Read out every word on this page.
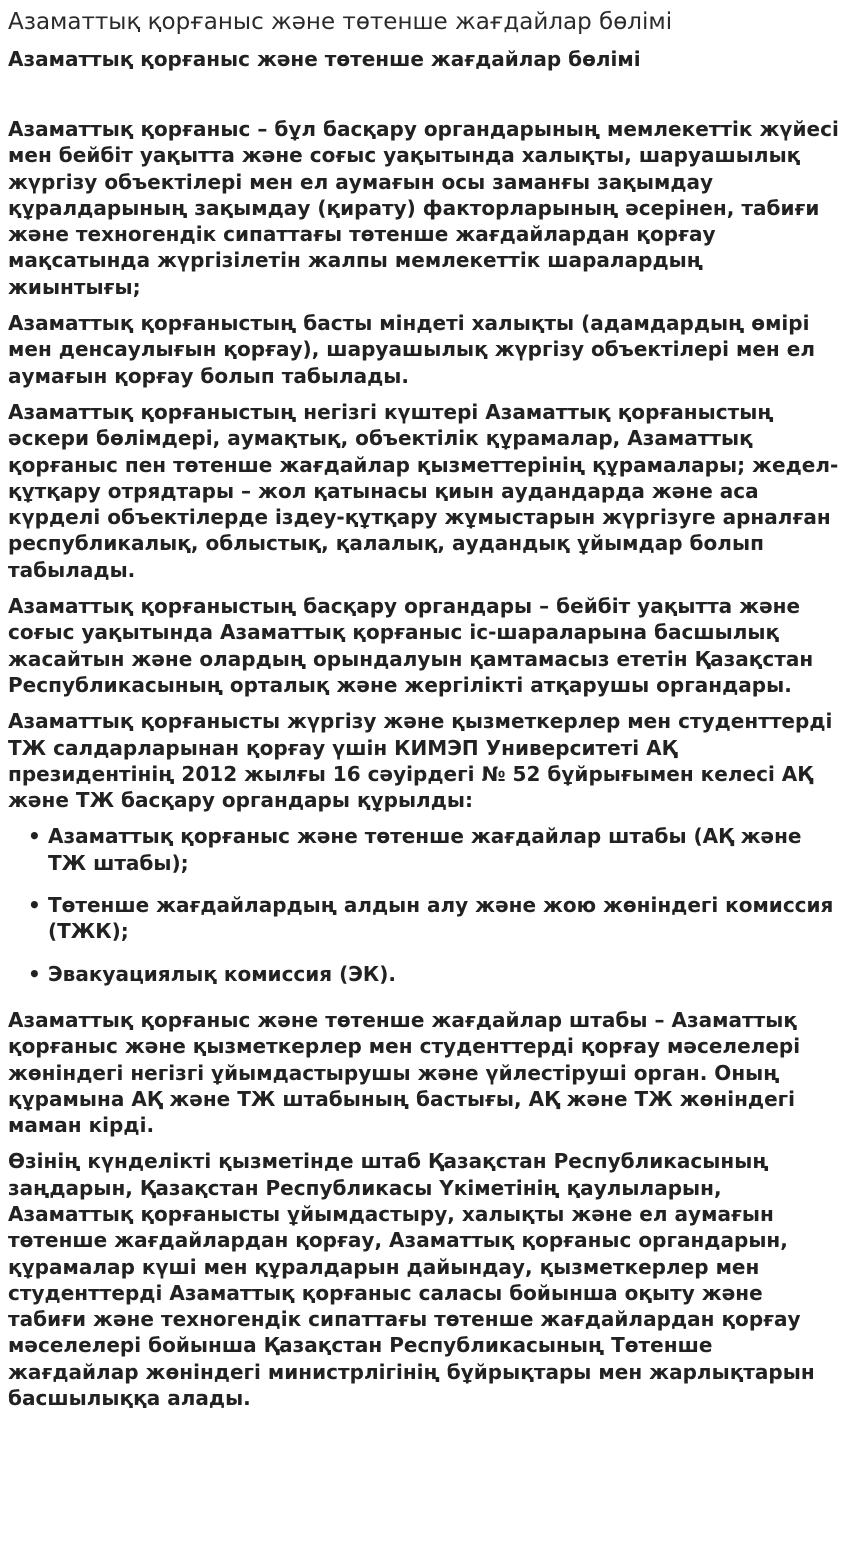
Азаматтық қорғаныс және төтенше жағдайлар бөлімі
Азаматтық қорғаныс және төтенше жағдайлар бөлімі

Азаматтық қорғаныс – бұл басқару органдарының мемлекеттік жүйесі мен бейбіт уақытта және соғыс уақытында халықты, шаруашылық жүргізу объектілері мен ел аумағын осы заманғы зақымдау құралдарының зақымдау (қирату) факторларының әсерінен, табиғи және техногендік сипаттағы төтенше жағдайлардан қорғау мақсатында жүргізілетін жалпы мемлекеттік шаралардың жиынтығы;

Азаматтық қорғаныстың басты міндеті халықты (адамдардың өмірі мен денсаулығын қорғау), шаруашылық жүргізу объектілері мен ел аумағын қорғау болып табылады.

Азаматтық қорғаныстың негізгі күштері Азаматтық қорғаныстың әскери бөлімдері, аумақтық, объектілік құрамалар, Азаматтық қорғаныс пен төтенше жағдайлар қызметтерінің құрамалары; жедел-құтқару отрядтары – жол қатынасы қиын аудандарда және аса күрделі объектілерде іздеу-құтқару жұмыстарын жүргізуге арналған республикалық, облыстық, қалалық, аудандық ұйымдар болып табылады.

Азаматтық қорғаныстың басқару органдары – бейбіт уақытта және соғыс уақытында Азаматтық қорғаныс іс-шараларына басшылық жасайтын және олардың орындалуын қамтамасыз ететін Қазақстан Республикасының орталық және жергілікті атқарушы органдары.

Азаматтық қорғанысты жүргізу және қызметкерлер мен студенттерді ТЖ салдарларынан қорғау үшін КИМЭП Университеті АҚ президентінің 2012 жылғы 16 сәуірдегі № 52 бұйрығымен келесі АҚ және ТЖ басқару органдары құрылды:

• Азаматтық қорғаныс және төтенше жағдайлар штабы (АҚ және ТЖ штабы);
• Төтенше жағдайлардың алдын алу және жою жөніндегі комиссия (ТЖК);
• Эвакуациялық комиссия (ЭК).

Азаматтық қорғаныс және төтенше жағдайлар штабы – Азаматтық қорғаныс және қызметкерлер мен студенттерді қорғау мәселелері жөніндегі негізгі ұйымдастырушы және үйлестіруші орган. Оның құрамына АҚ және ТЖ штабының бастығы, АҚ және ТЖ жөніндегі маман кірді.

Өзінің күнделікті қызметінде штаб Қазақстан Республикасының заңдарын, Қазақстан Республикасы Үкіметінің қаулыларын, Азаматтық қорғанысты ұйымдастыру, халықты және ел аумағын төтенше жағдайлардан қорғау, Азаматтық қорғаныс органдарын, құрамалар күші мен құралдарын дайындау, қызметкерлер мен студенттерді Азаматтық қорғаныс саласы бойынша оқыту және табиғи және техногендік сипаттағы төтенше жағдайлардан қорғау мәселелері бойынша Қазақстан Республикасының Төтенше жағдайлар жөніндегі министрлігінің бұйрықтары мен жарлықтарын басшылыққа алады.
